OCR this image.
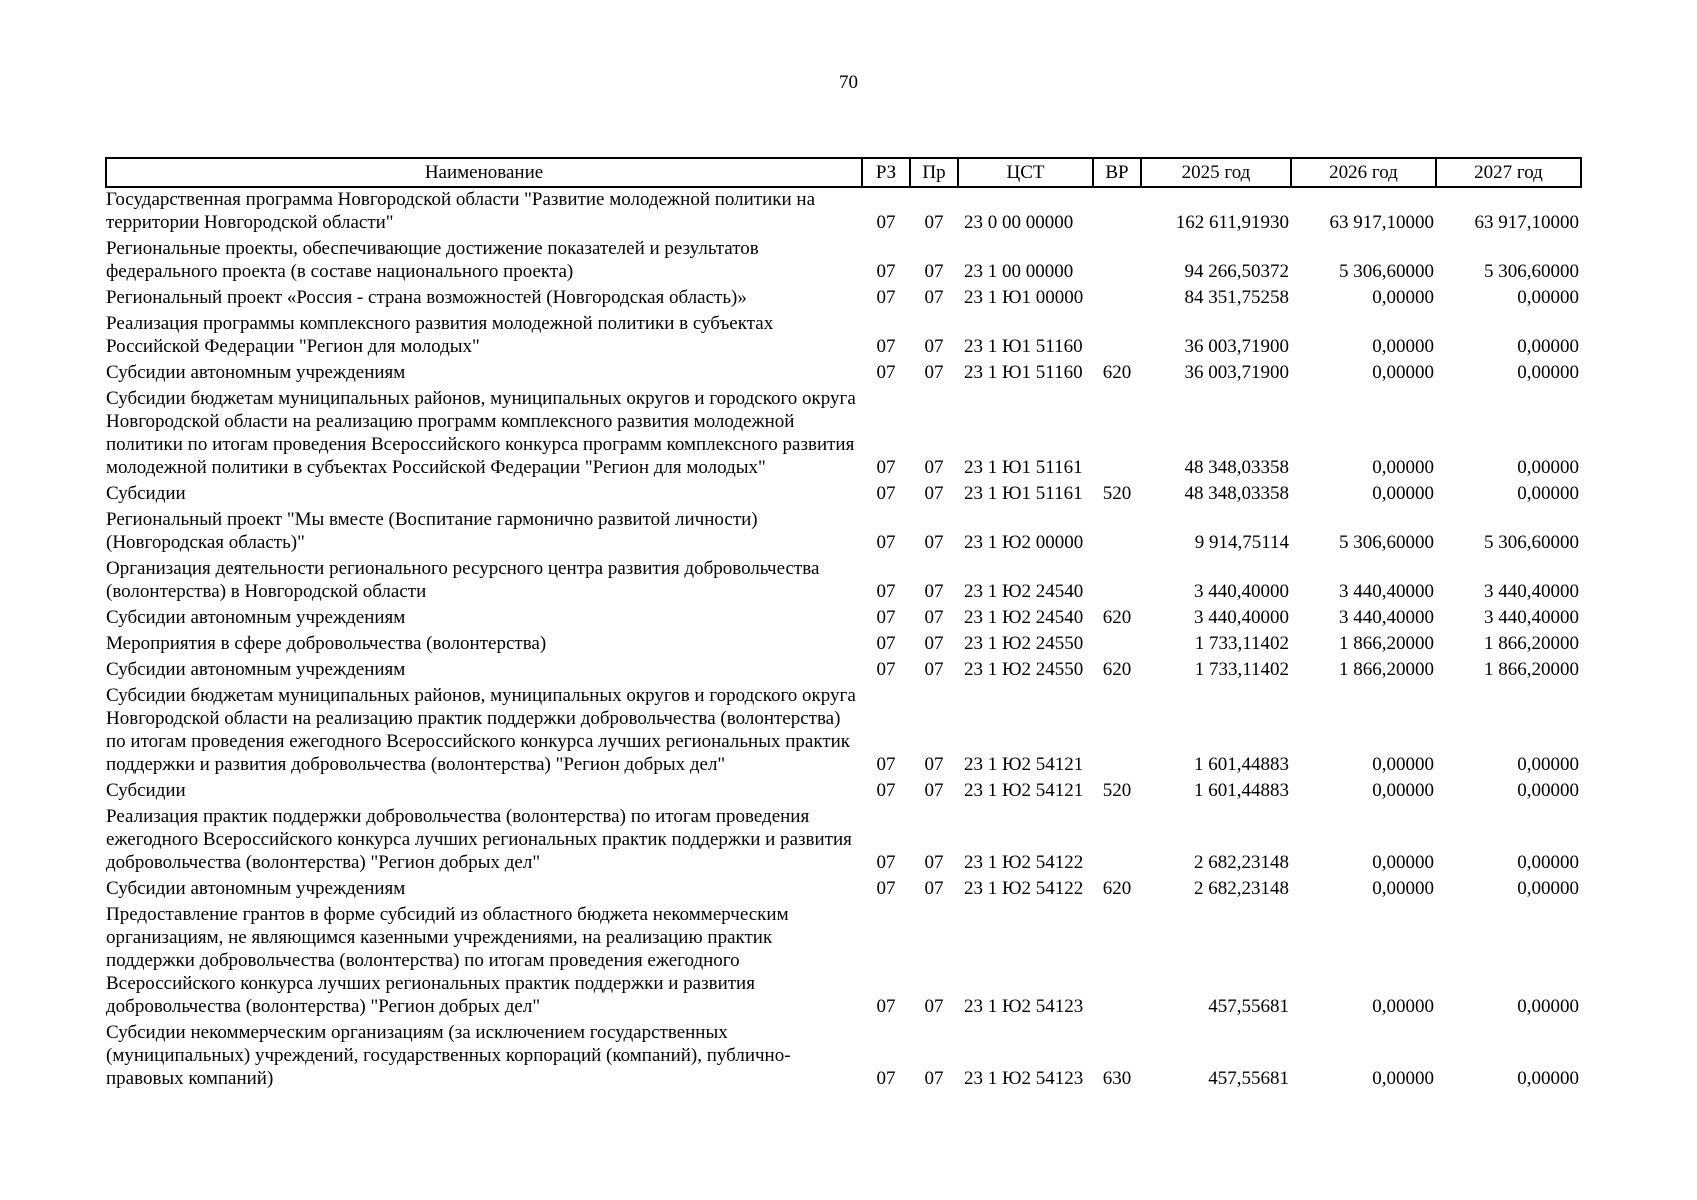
70
Наименование	РЗ	Пр	ЦСТ	ВР	2025 год	2026 год	2027 год
Государственная программа Новгородской области "Развитие молодежной политики на территории Новгородской области"	07	07	23 0 00 00000		162 611,91930	63 917,10000	63 917,10000
Региональные проекты, обеспечивающие достижение показателей и результатов федерального проекта (в составе национального проекта)	07	07	23 1 00 00000		94 266,50372	5 306,60000	5 306,60000
Региональный проект «Россия - страна возможностей (Новгородская область)»	07	07	23 1 Ю1 00000		84 351,75258	0,00000	0,00000
Реализация программы комплексного развития молодежной политики в субъектах Российской Федерации "Регион для молодых"	07	07	23 1 Ю1 51160		36 003,71900	0,00000	0,00000
Субсидии автономным учреждениям	07	07	23 1 Ю1 51160	620	36 003,71900	0,00000	0,00000
Субсидии бюджетам муниципальных районов, муниципальных округов и городского округа Новгородской области на реализацию программ комплексного развития молодежной политики по итогам проведения Всероссийского конкурса программ комплексного развития молодежной политики в субъектах Российской Федерации "Регион для молодых"	07	07	23 1 Ю1 51161		48 348,03358	0,00000	0,00000
Субсидии	07	07	23 1 Ю1 51161	520	48 348,03358	0,00000	0,00000
Региональный проект "Мы вместе (Воспитание гармонично развитой личности) (Новгородская область)"	07	07	23 1 Ю2 00000		9 914,75114	5 306,60000	5 306,60000
Организация деятельности регионального ресурсного центра развития добровольчества (волонтерства) в Новгородской области	07	07	23 1 Ю2 24540		3 440,40000	3 440,40000	3 440,40000
Субсидии автономным учреждениям	07	07	23 1 Ю2 24540	620	3 440,40000	3 440,40000	3 440,40000
Мероприятия в сфере добровольчества (волонтерства)	07	07	23 1 Ю2 24550		1 733,11402	1 866,20000	1 866,20000
Субсидии автономным учреждениям	07	07	23 1 Ю2 24550	620	1 733,11402	1 866,20000	1 866,20000
Субсидии бюджетам муниципальных районов, муниципальных округов и городского округа Новгородской области на реализацию практик поддержки добровольчества (волонтерства) по итогам проведения ежегодного Всероссийского конкурса лучших региональных практик поддержки и развития добровольчества (волонтерства) "Регион добрых дел"	07	07	23 1 Ю2 54121		1 601,44883	0,00000	0,00000
Субсидии	07	07	23 1 Ю2 54121	520	1 601,44883	0,00000	0,00000
Реализация практик поддержки добровольчества (волонтерства) по итогам проведения ежегодного Всероссийского конкурса лучших региональных практик поддержки и развития добровольчества (волонтерства) "Регион добрых дел"	07	07	23 1 Ю2 54122		2 682,23148	0,00000	0,00000
Субсидии автономным учреждениям	07	07	23 1 Ю2 54122	620	2 682,23148	0,00000	0,00000
Предоставление грантов в форме субсидий из областного бюджета некоммерческим организациям, не являющимся казенными учреждениями, на реализацию практик поддержки добровольчества (волонтерства) по итогам проведения ежегодного Всероссийского конкурса лучших региональных практик поддержки и развития добровольчества (волонтерства) "Регион добрых дел"	07	07	23 1 Ю2 54123		457,55681	0,00000	0,00000
Субсидии некоммерческим организациям (за исключением государственных (муниципальных) учреждений, государственных корпораций (компаний), публично-правовых компаний)	07	07	23 1 Ю2 54123	630	457,55681	0,00000	0,00000
